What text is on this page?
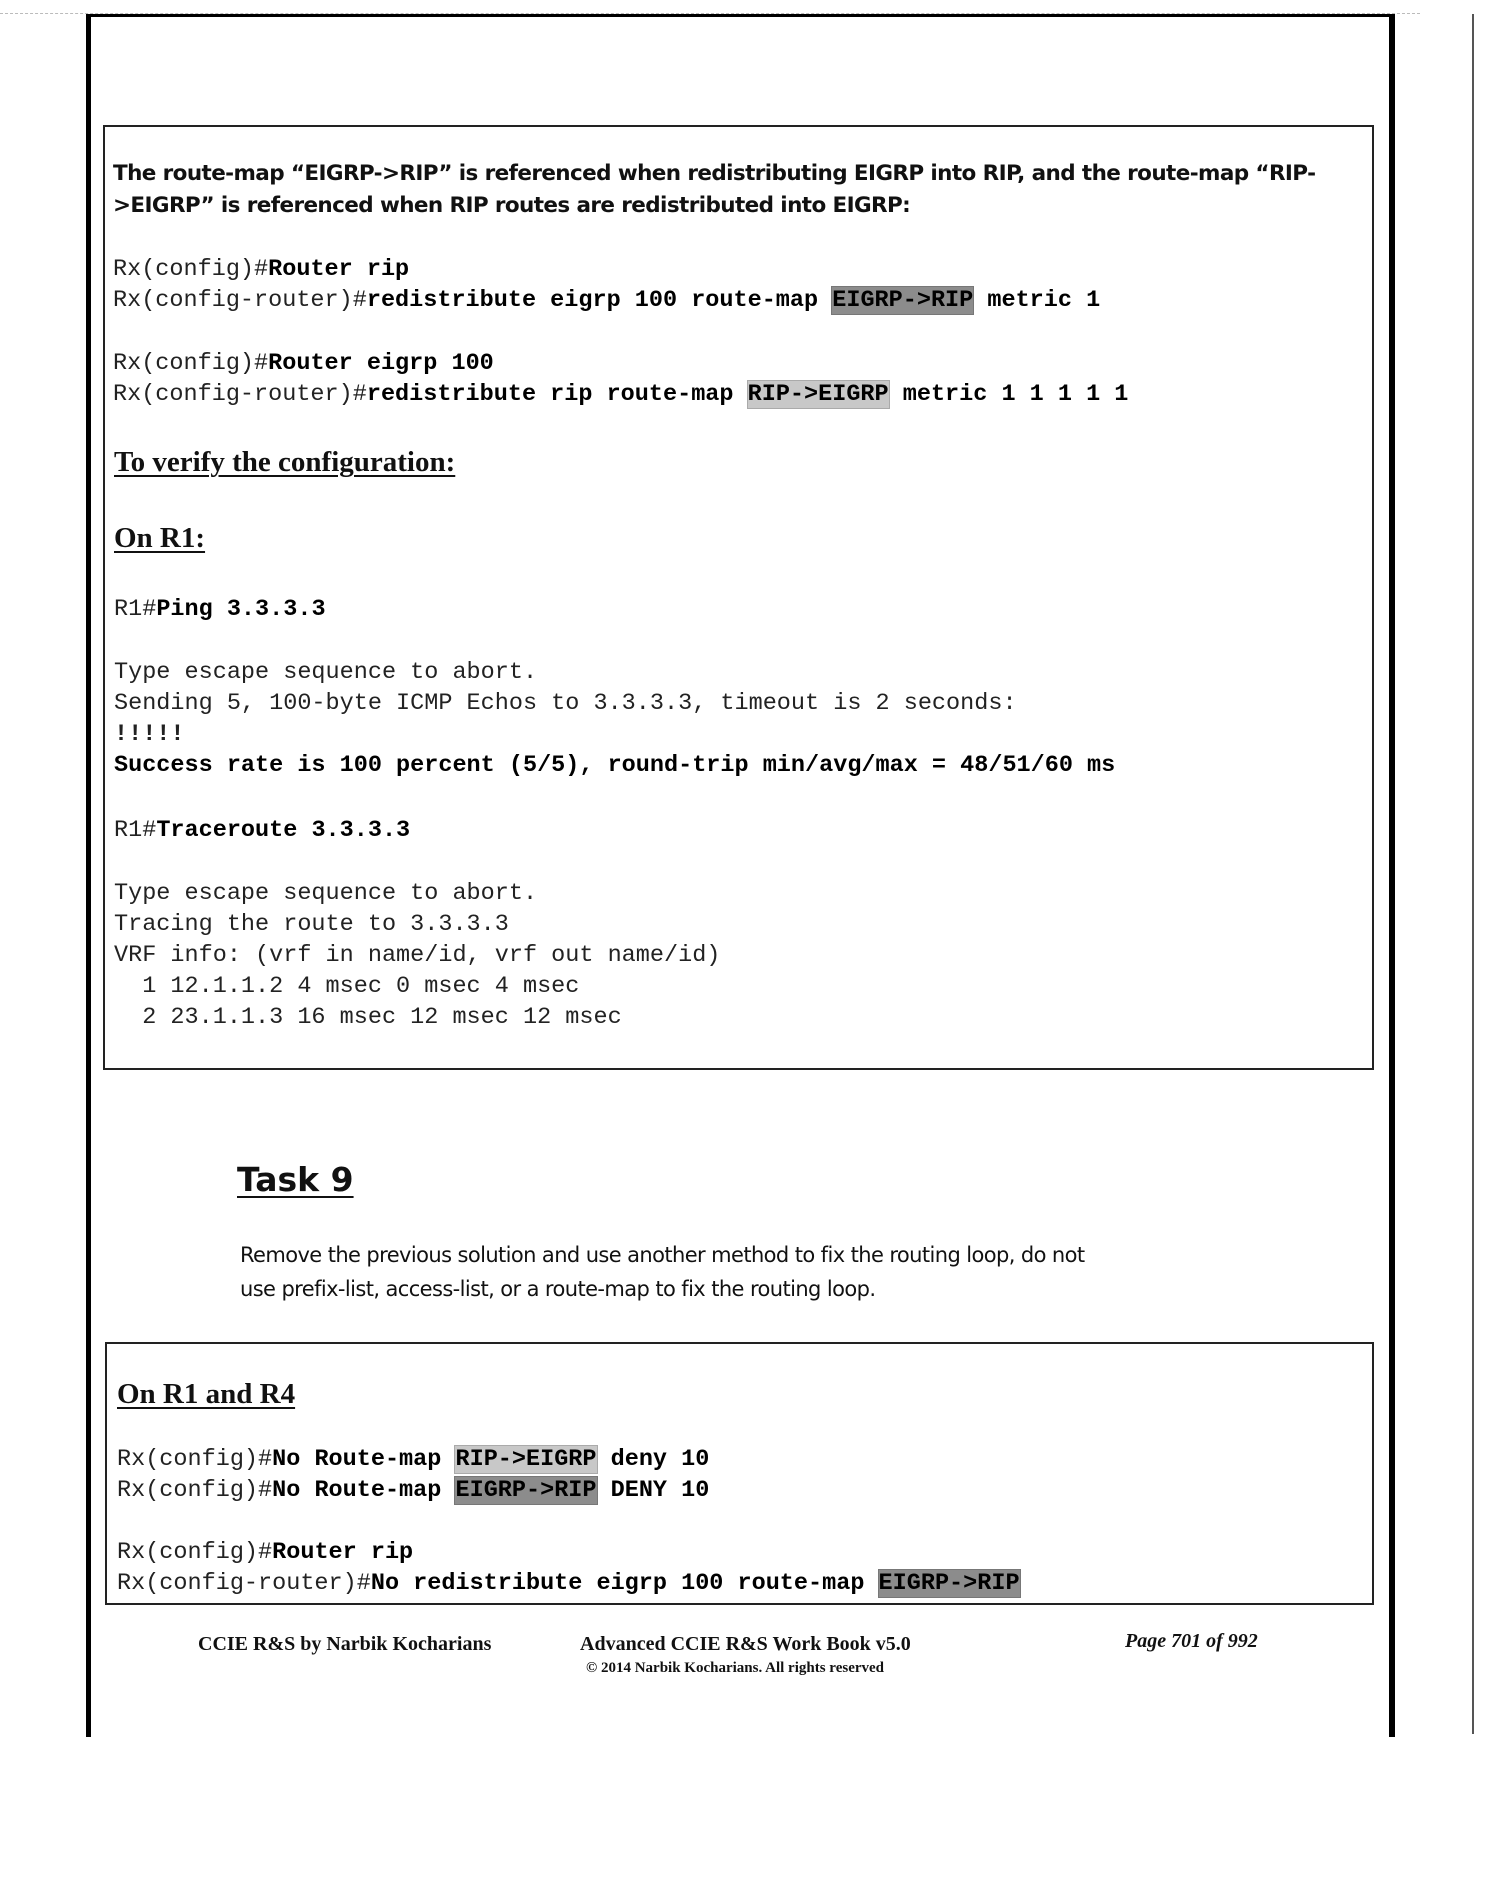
The route-map “EIGRP->RIP” is referenced when redistributing EIGRP into RIP, and the route-map “RIP-
>EIGRP” is referenced when RIP routes are redistributed into EIGRP:
Rx(config)#Router rip
Rx(config-router)#redistribute eigrp 100 route-map EIGRP->RIP metric 1
Rx(config)#Router eigrp 100
Rx(config-router)#redistribute rip route-map RIP->EIGRP metric 1 1 1 1 1
To verify the configuration:
On R1:
R1#Ping 3.3.3.3
Type escape sequence to abort.
Sending 5, 100-byte ICMP Echos to 3.3.3.3, timeout is 2 seconds:
!!!!!
Success rate is 100 percent (5/5), round-trip min/avg/max = 48/51/60 ms
R1#Traceroute 3.3.3.3
Type escape sequence to abort.
Tracing the route to 3.3.3.3
VRF info: (vrf in name/id, vrf out name/id)
1 12.1.1.2 4 msec 0 msec 4 msec
2 23.1.1.3 16 msec 12 msec 12 msec
Task 9
Remove the previous solution and use another method to fix the routing loop, do not
use prefix-list, access-list, or a route-map to fix the routing loop.
On R1 and R4
Rx(config)#No Route-map RIP->EIGRP deny 10
Rx(config)#No Route-map EIGRP->RIP DENY 10
Rx(config)#Router rip
Rx(config-router)#No redistribute eigrp 100 route-map EIGRP->RIP
CCIE R&S by Narbik Kocharians	Advanced CCIE R&S Work Book v5.0
© 2014 Narbik Kocharians. All rights reserved
Page 701 of 992
